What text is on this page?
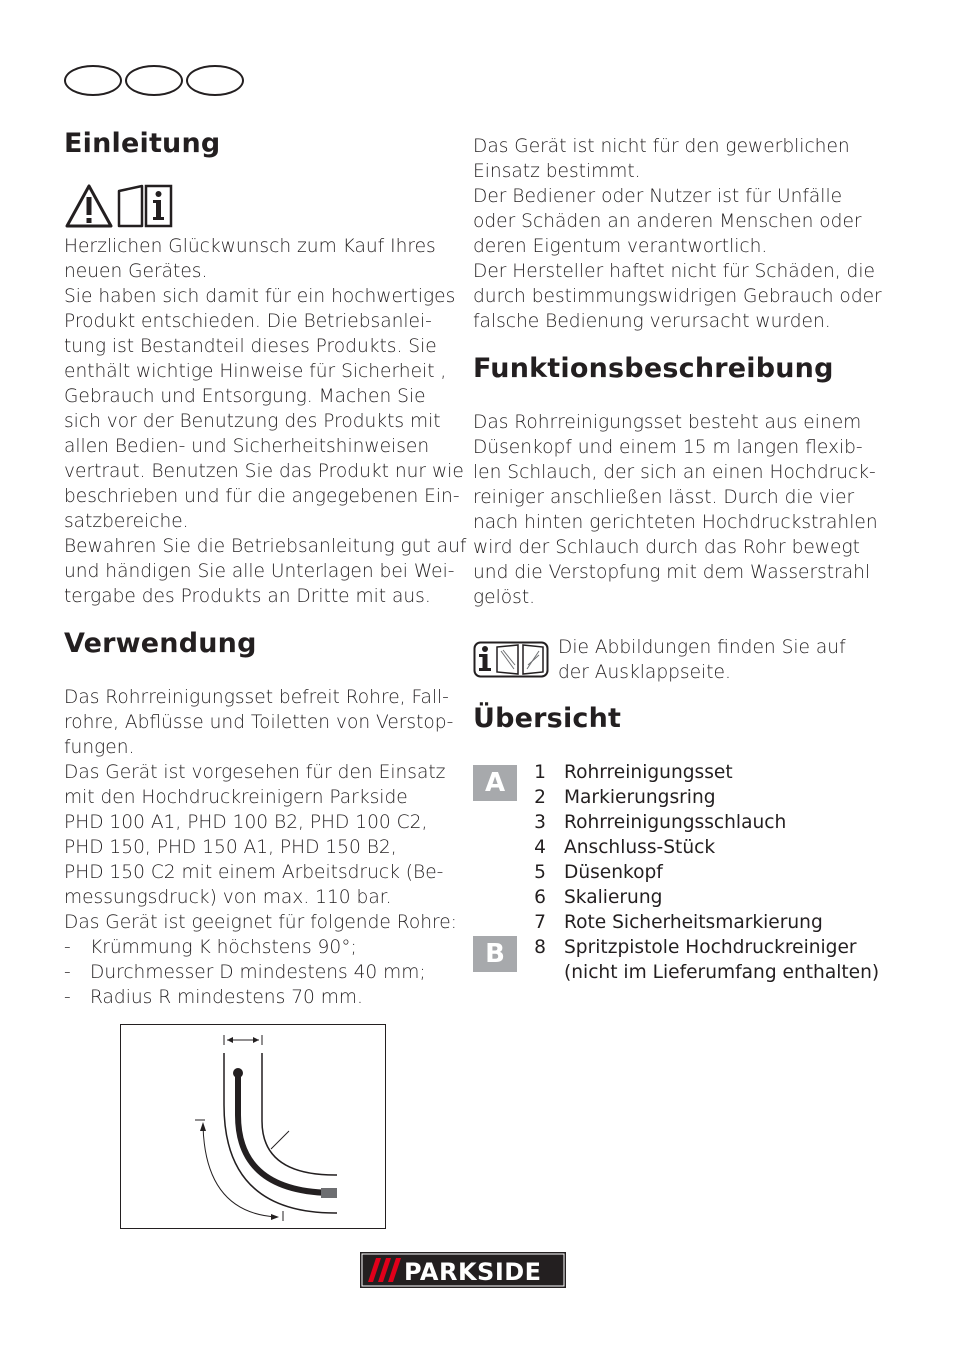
Einleitung
Herzlichen Glückwunsch zum Kauf Ihres
neuen Gerätes.
Sie haben sich damit für ein hochwertiges
Produkt entschieden. Die Betriebsanlei-
tung ist Bestandteil dieses Produkts. Sie
enthält wichtige Hinweise für Sicherheit ,
Gebrauch und Entsorgung. Machen Sie
sich vor der Benutzung des Produkts mit
allen Bedien- und Sicherheitshinweisen
vertraut. Benutzen Sie das Produkt nur wie
beschrieben und für die angegebenen Ein-
satzbereiche.
Bewahren Sie die Betriebsanleitung gut auf
und händigen Sie alle Unterlagen bei Wei-
tergabe des Produkts an Dritte mit aus.
Verwendung
Das Rohrreinigungsset befreit Rohre, Fall-
rohre, Abflüsse und Toiletten von Verstop-
fungen.
Das Gerät ist vorgesehen für den Einsatz
mit den Hochdruckreinigern Parkside
PHD 100 A1, PHD 100 B2, PHD 100 C2,
PHD 150, PHD 150 A1, PHD 150 B2,
PHD 150 C2 mit einem Arbeitsdruck (Be-
messungsdruck) von max. 110 bar.
Das Gerät ist geeignet für folgende Rohre:
- Krümmung K höchstens 90°;
- Durchmesser D mindestens 40 mm;
- Radius R mindestens 70 mm.
Das Gerät ist nicht für den gewerblichen
Einsatz bestimmt.
Der Bediener oder Nutzer ist für Unfälle
oder Schäden an anderen Menschen oder
deren Eigentum verantwortlich.
Der Hersteller haftet nicht für Schäden, die
durch bestimmungswidrigen Gebrauch oder
falsche Bedienung verursacht wurden.
Funktionsbeschreibung
Das Rohrreinigungsset besteht aus einem
Düsenkopf und einem 15 m langen flexib-
len Schlauch, der sich an einen Hochdruck-
reiniger anschließen lässt. Durch die vier
nach hinten gerichteten Hochdruckstrahlen
wird der Schlauch durch das Rohr bewegt
und die Verstopfung mit dem Wasserstrahl
gelöst.
Die Abbildungen finden Sie auf
der Ausklappseite.
Übersicht
A
B
1 Rohrreinigungsset
2 Markierungsring
3 Rohrreinigungsschlauch
4 Anschluss-Stück
5 Düsenkopf
6 Skalierung
7 Rote Sicherheitsmarkierung
8 Spritzpistole Hochdruckreiniger
(nicht im Lieferumfang enthalten)
PARKSIDE
